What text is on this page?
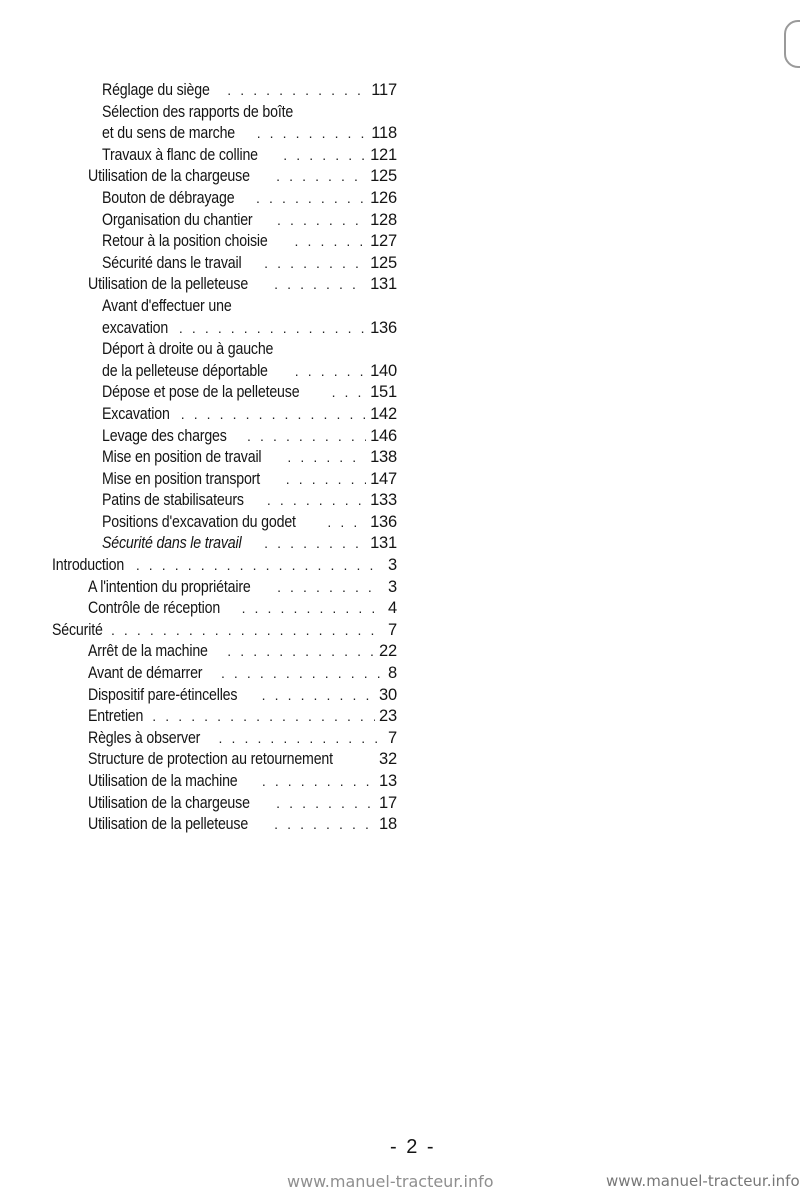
Réglage du siège . . .	117
Sélection des rapports de boîte
et du sens de marche . . .	118
Travaux à flanc de colline . . .	121
Utilisation de la chargeuse . . .	125
Bouton de débrayage . . .	126
Organisation du chantier . . .	128
Retour à la position choisie . . .	127
Sécurité dans le travail . . .	125
Utilisation de la pelleteuse . . .	131
Avant d'effectuer une
excavation . . .	136
Déport à droite ou à gauche
de la pelleteuse déportable . . .	140
Dépose et pose de la pelleteuse . . .	151
Excavation . . .	142
Levage des charges . . .	146
Mise en position de travail . . .	138
Mise en position transport . . .	147
Patins de stabilisateurs . . .	133
Positions d'excavation du godet . . .	136
Sécurité dans le travail . . .	131
Introduction . . .	3
A l'intention du propriétaire . . .	3
Contrôle de réception . . .	4
Sécurité . . .	7
Arrêt de la machine . . .	22
Avant de démarrer . . .	8
Dispositif pare-étincelles . . .	30
Entretien . . .	23
Règles à observer . . .	7
Structure de protection au retournement	32
Utilisation de la machine . . .	13
Utilisation de la chargeuse . . .	17
Utilisation de la pelleteuse . . .	18
- 2 -
www.manuel-tracteur.info	www.manuel-tracteur.info
